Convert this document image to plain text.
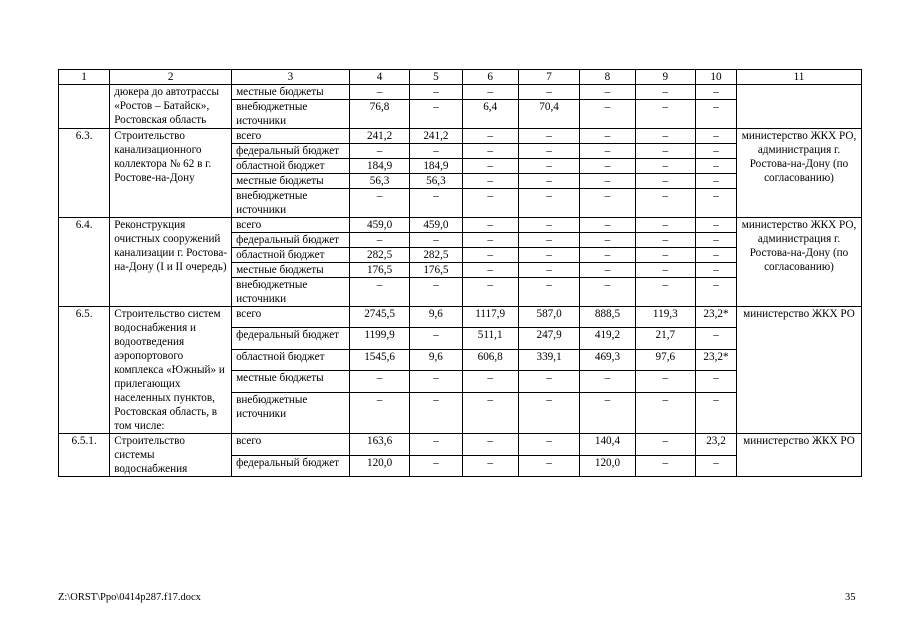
1	2	3	4	5	6	7	8	9	10	11
	дюкера до автотрассы «Ростов – Батайск», Ростовская область	местные бюджеты	–	–	–	–	–	–	–	
		внебюджетные источники	76,8	–	6,4	70,4	–	–	–	
6.3.	Строительство канализационного коллектора № 62 в г. Ростове-на-Дону	всего	241,2	241,2	–	–	–	–	–	министерство ЖКХ РО, администрация г. Ростова-на-Дону (по согласованию)
		федеральный бюджет	–	–	–	–	–	–	–	
		областной бюджет	184,9	184,9	–	–	–	–	–	
		местные бюджеты	56,3	56,3	–	–	–	–	–	
		внебюджетные источники	–	–	–	–	–	–	–	
6.4.	Реконструкция очистных сооружений канализации г. Ростова-на-Дону (I и II очередь)	всего	459,0	459,0	–	–	–	–	–	министерство ЖКХ РО, администрация г. Ростова-на-Дону (по согласованию)
		федеральный бюджет	–	–	–	–	–	–	–	
		областной бюджет	282,5	282,5	–	–	–	–	–	
		местные бюджеты	176,5	176,5	–	–	–	–	–	
		внебюджетные источники	–	–	–	–	–	–	–	
6.5.	Строительство систем водоснабжения и водоотведения аэропортового комплекса «Южный» и прилегающих населенных пунктов, Ростовская область, в том числе:	всего	2745,5	9,6	1117,9	587,0	888,5	119,3	23,2*	министерство ЖКХ РО
		федеральный бюджет	1199,9	–	511,1	247,9	419,2	21,7	–	
		областной бюджет	1545,6	9,6	606,8	339,1	469,3	97,6	23,2*	
		местные бюджеты	–	–	–	–	–	–	–	
		внебюджетные источники	–	–	–	–	–	–	–	
6.5.1.	Строительство системы водоснабжения	всего	163,6	–	–	–	140,4	–	23,2	министерство ЖКХ РО
		федеральный бюджет	120,0	–	–	–	120,0	–	–	
Z:\ORST\Ppo\0414p287.f17.docx	35
